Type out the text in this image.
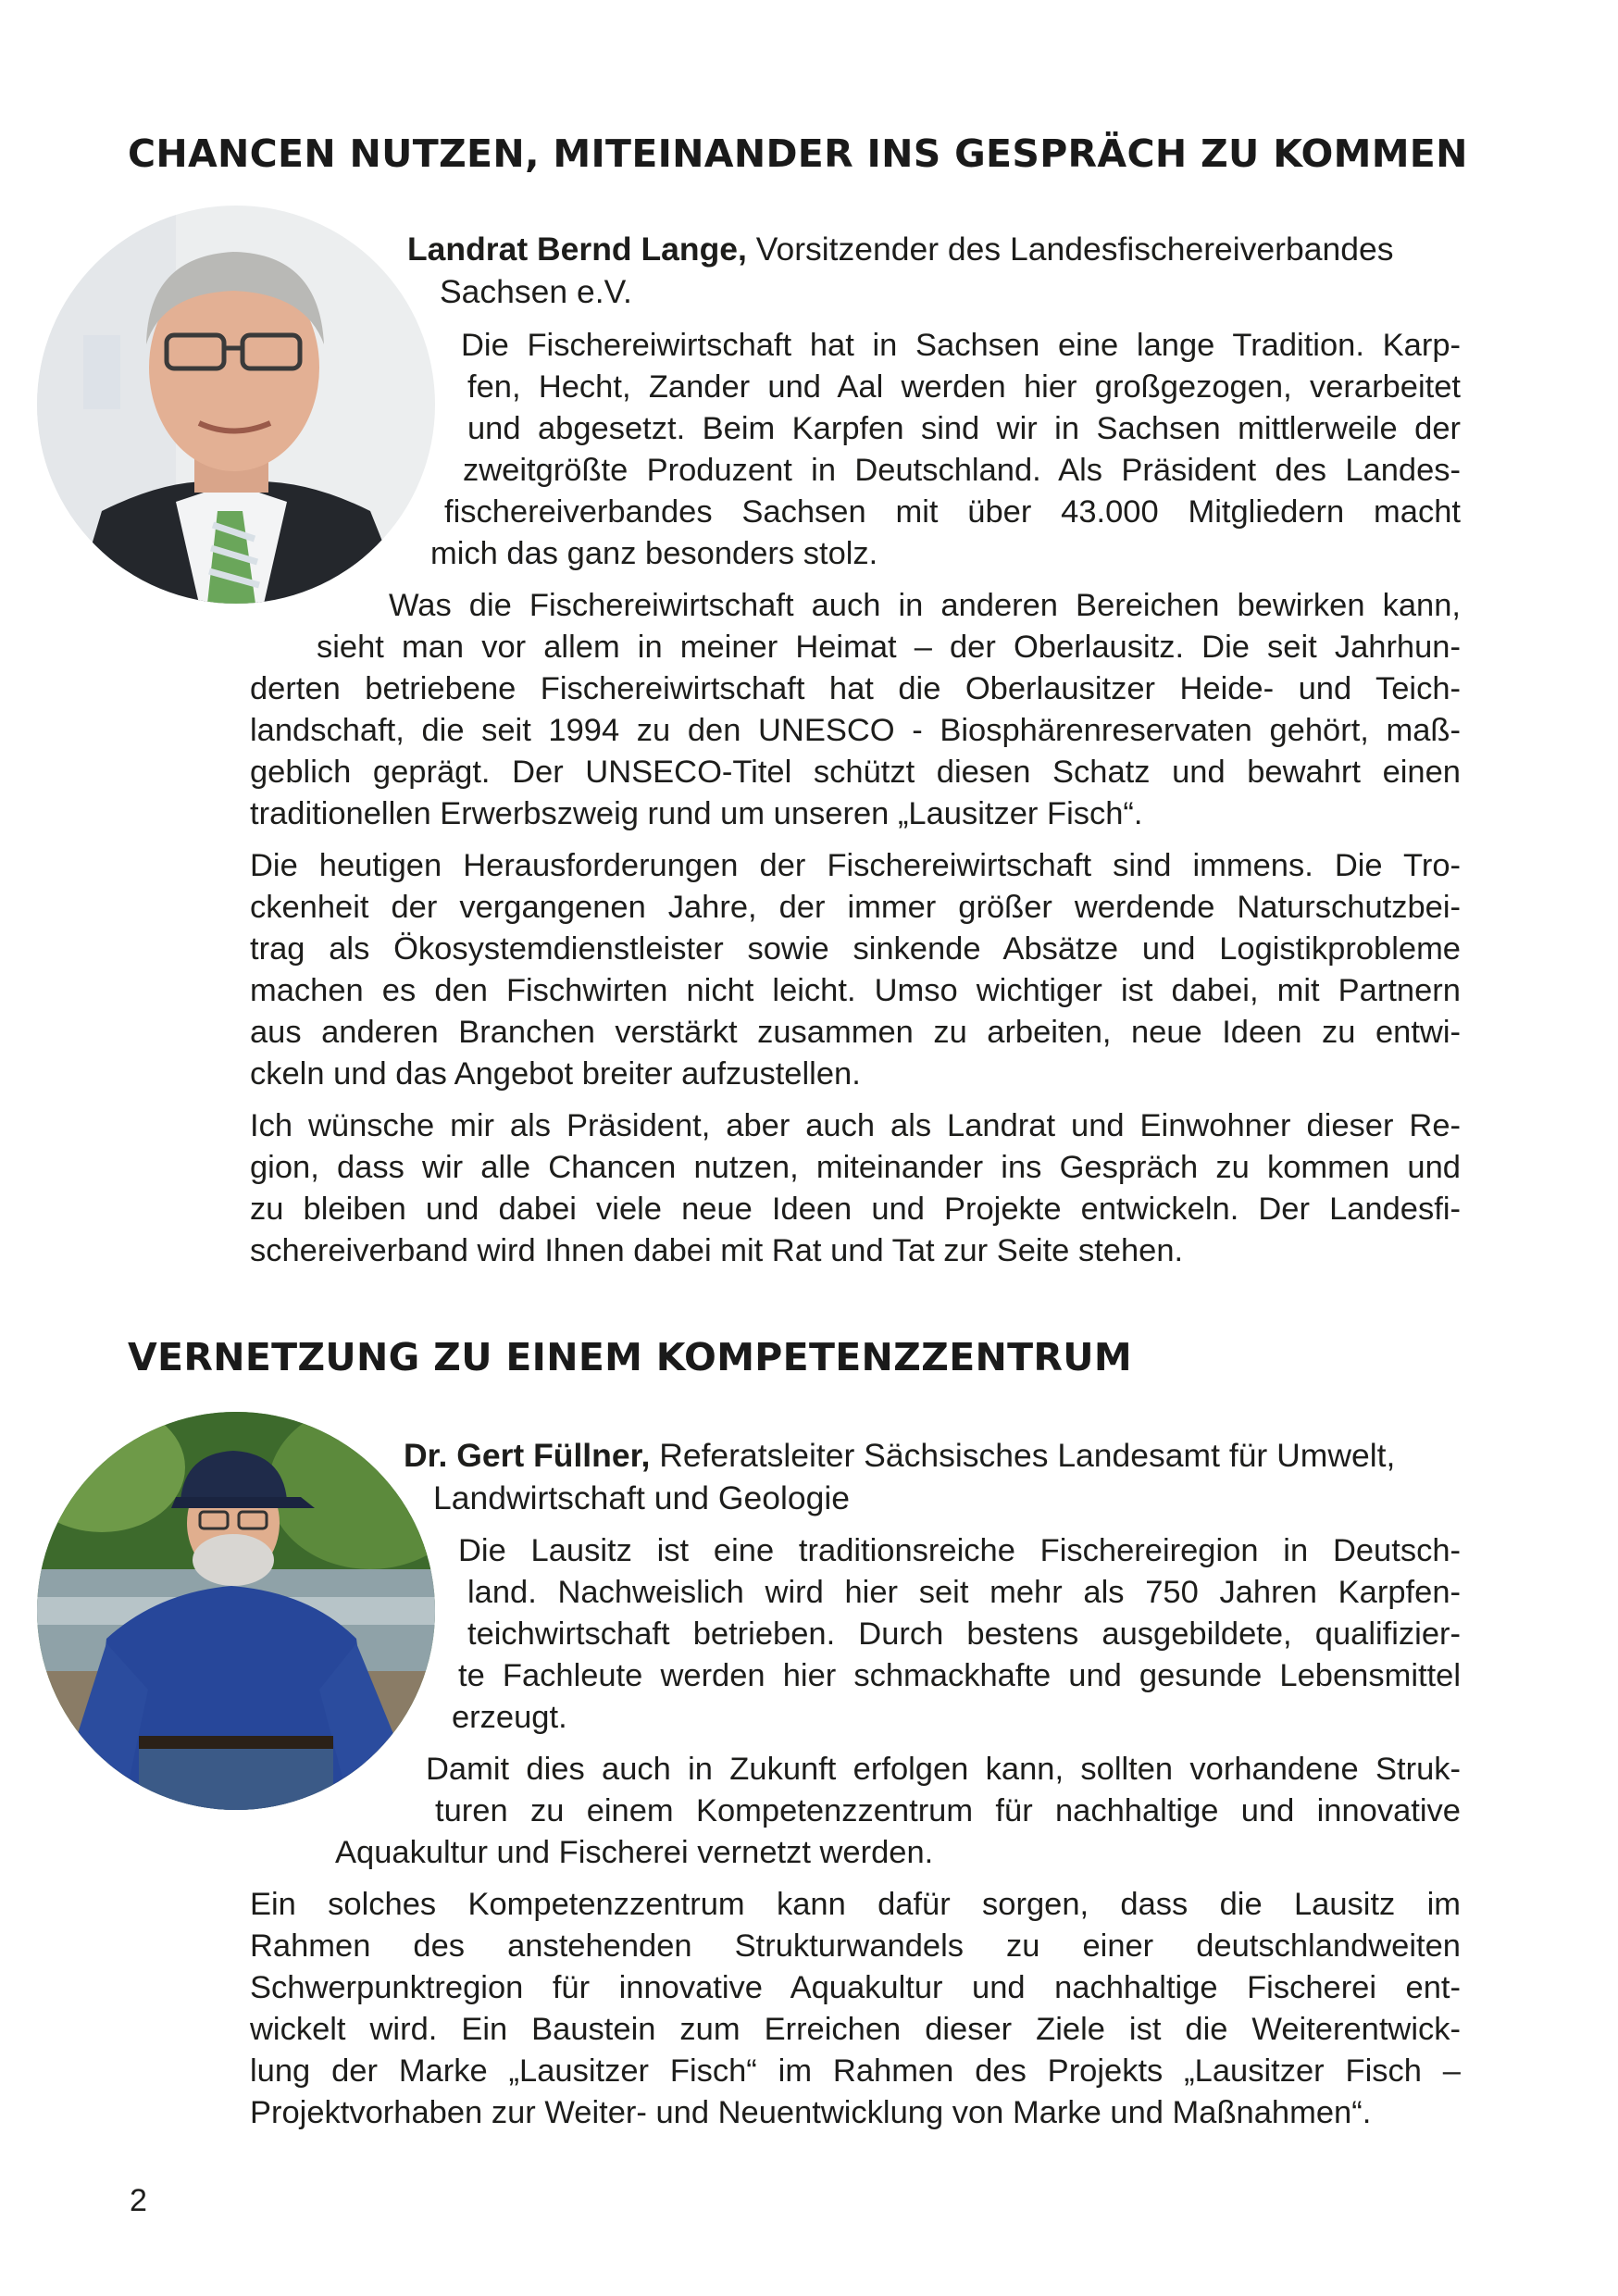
CHANCEN NUTZEN, MITEINANDER INS GESPRÄCH ZU KOMMEN

Landrat Bernd Lange, Vorsitzender des Landesfischereiverbandes

Sachsen e.V.

Die Fischereiwirtschaft hat in Sachsen eine lange Tradition. Karp-

fen, Hecht, Zander und Aal werden hier großgezogen, verarbeitet

und abgesetzt. Beim Karpfen sind wir in Sachsen mittlerweile der

zweitgrößte Produzent in Deutschland. Als Präsident des Landes-

fischereiverbandes Sachsen mit über 43.000 Mitgliedern macht

mich das ganz besonders stolz.

Was die Fischereiwirtschaft auch in anderen Bereichen bewirken kann,

sieht man vor allem in meiner Heimat – der Oberlausitz. Die seit Jahrhun-

derten betriebene Fischereiwirtschaft hat die Oberlausitzer Heide- und Teich-

landschaft, die seit 1994 zu den UNESCO - Biosphärenreservaten gehört, maß-

geblich geprägt. Der UNSECO-Titel schützt diesen Schatz und bewahrt einen

traditionellen Erwerbszweig rund um unseren „Lausitzer Fisch“.

Die heutigen Herausforderungen der Fischereiwirtschaft sind immens. Die Tro-

ckenheit der vergangenen Jahre, der immer größer werdende Naturschutzbei-

trag als Ökosystemdienstleister sowie sinkende Absätze und Logistikprobleme

machen es den Fischwirten nicht leicht. Umso wichtiger ist dabei, mit Partnern

aus anderen Branchen verstärkt zusammen zu arbeiten, neue Ideen zu entwi-

ckeln und das Angebot breiter aufzustellen.

Ich wünsche mir als Präsident, aber auch als Landrat und Einwohner dieser Re-

gion, dass wir alle Chancen nutzen, miteinander ins Gespräch zu kommen und

zu bleiben und dabei viele neue Ideen und Projekte entwickeln. Der Landesfi-

schereiverband wird Ihnen dabei mit Rat und Tat zur Seite stehen.

VERNETZUNG ZU EINEM KOMPETENZZENTRUM

Dr. Gert Füllner, Referatsleiter Sächsisches Landesamt für Umwelt,

Landwirtschaft und Geologie

Die Lausitz ist eine traditionsreiche Fischereiregion in Deutsch-

land. Nachweislich wird hier seit mehr als 750 Jahren Karpfen-

teichwirtschaft betrieben. Durch bestens ausgebildete, qualifizier-

te Fachleute werden hier schmackhafte und gesunde Lebensmittel

erzeugt.

Damit dies auch in Zukunft erfolgen kann, sollten vorhandene Struk-

turen zu einem Kompetenzzentrum für nachhaltige und innovative

Aquakultur und Fischerei vernetzt werden.

Ein solches Kompetenzzentrum kann dafür sorgen, dass die Lausitz im

Rahmen des anstehenden Strukturwandels zu einer deutschlandweiten

Schwerpunktregion für innovative Aquakultur und nachhaltige Fischerei ent-

wickelt wird. Ein Baustein zum Erreichen dieser Ziele ist die Weiterentwick-

lung der Marke „Lausitzer Fisch“ im Rahmen des Projekts „Lausitzer Fisch –

Projektvorhaben zur Weiter- und Neuentwicklung von Marke und Maßnahmen“.

2
